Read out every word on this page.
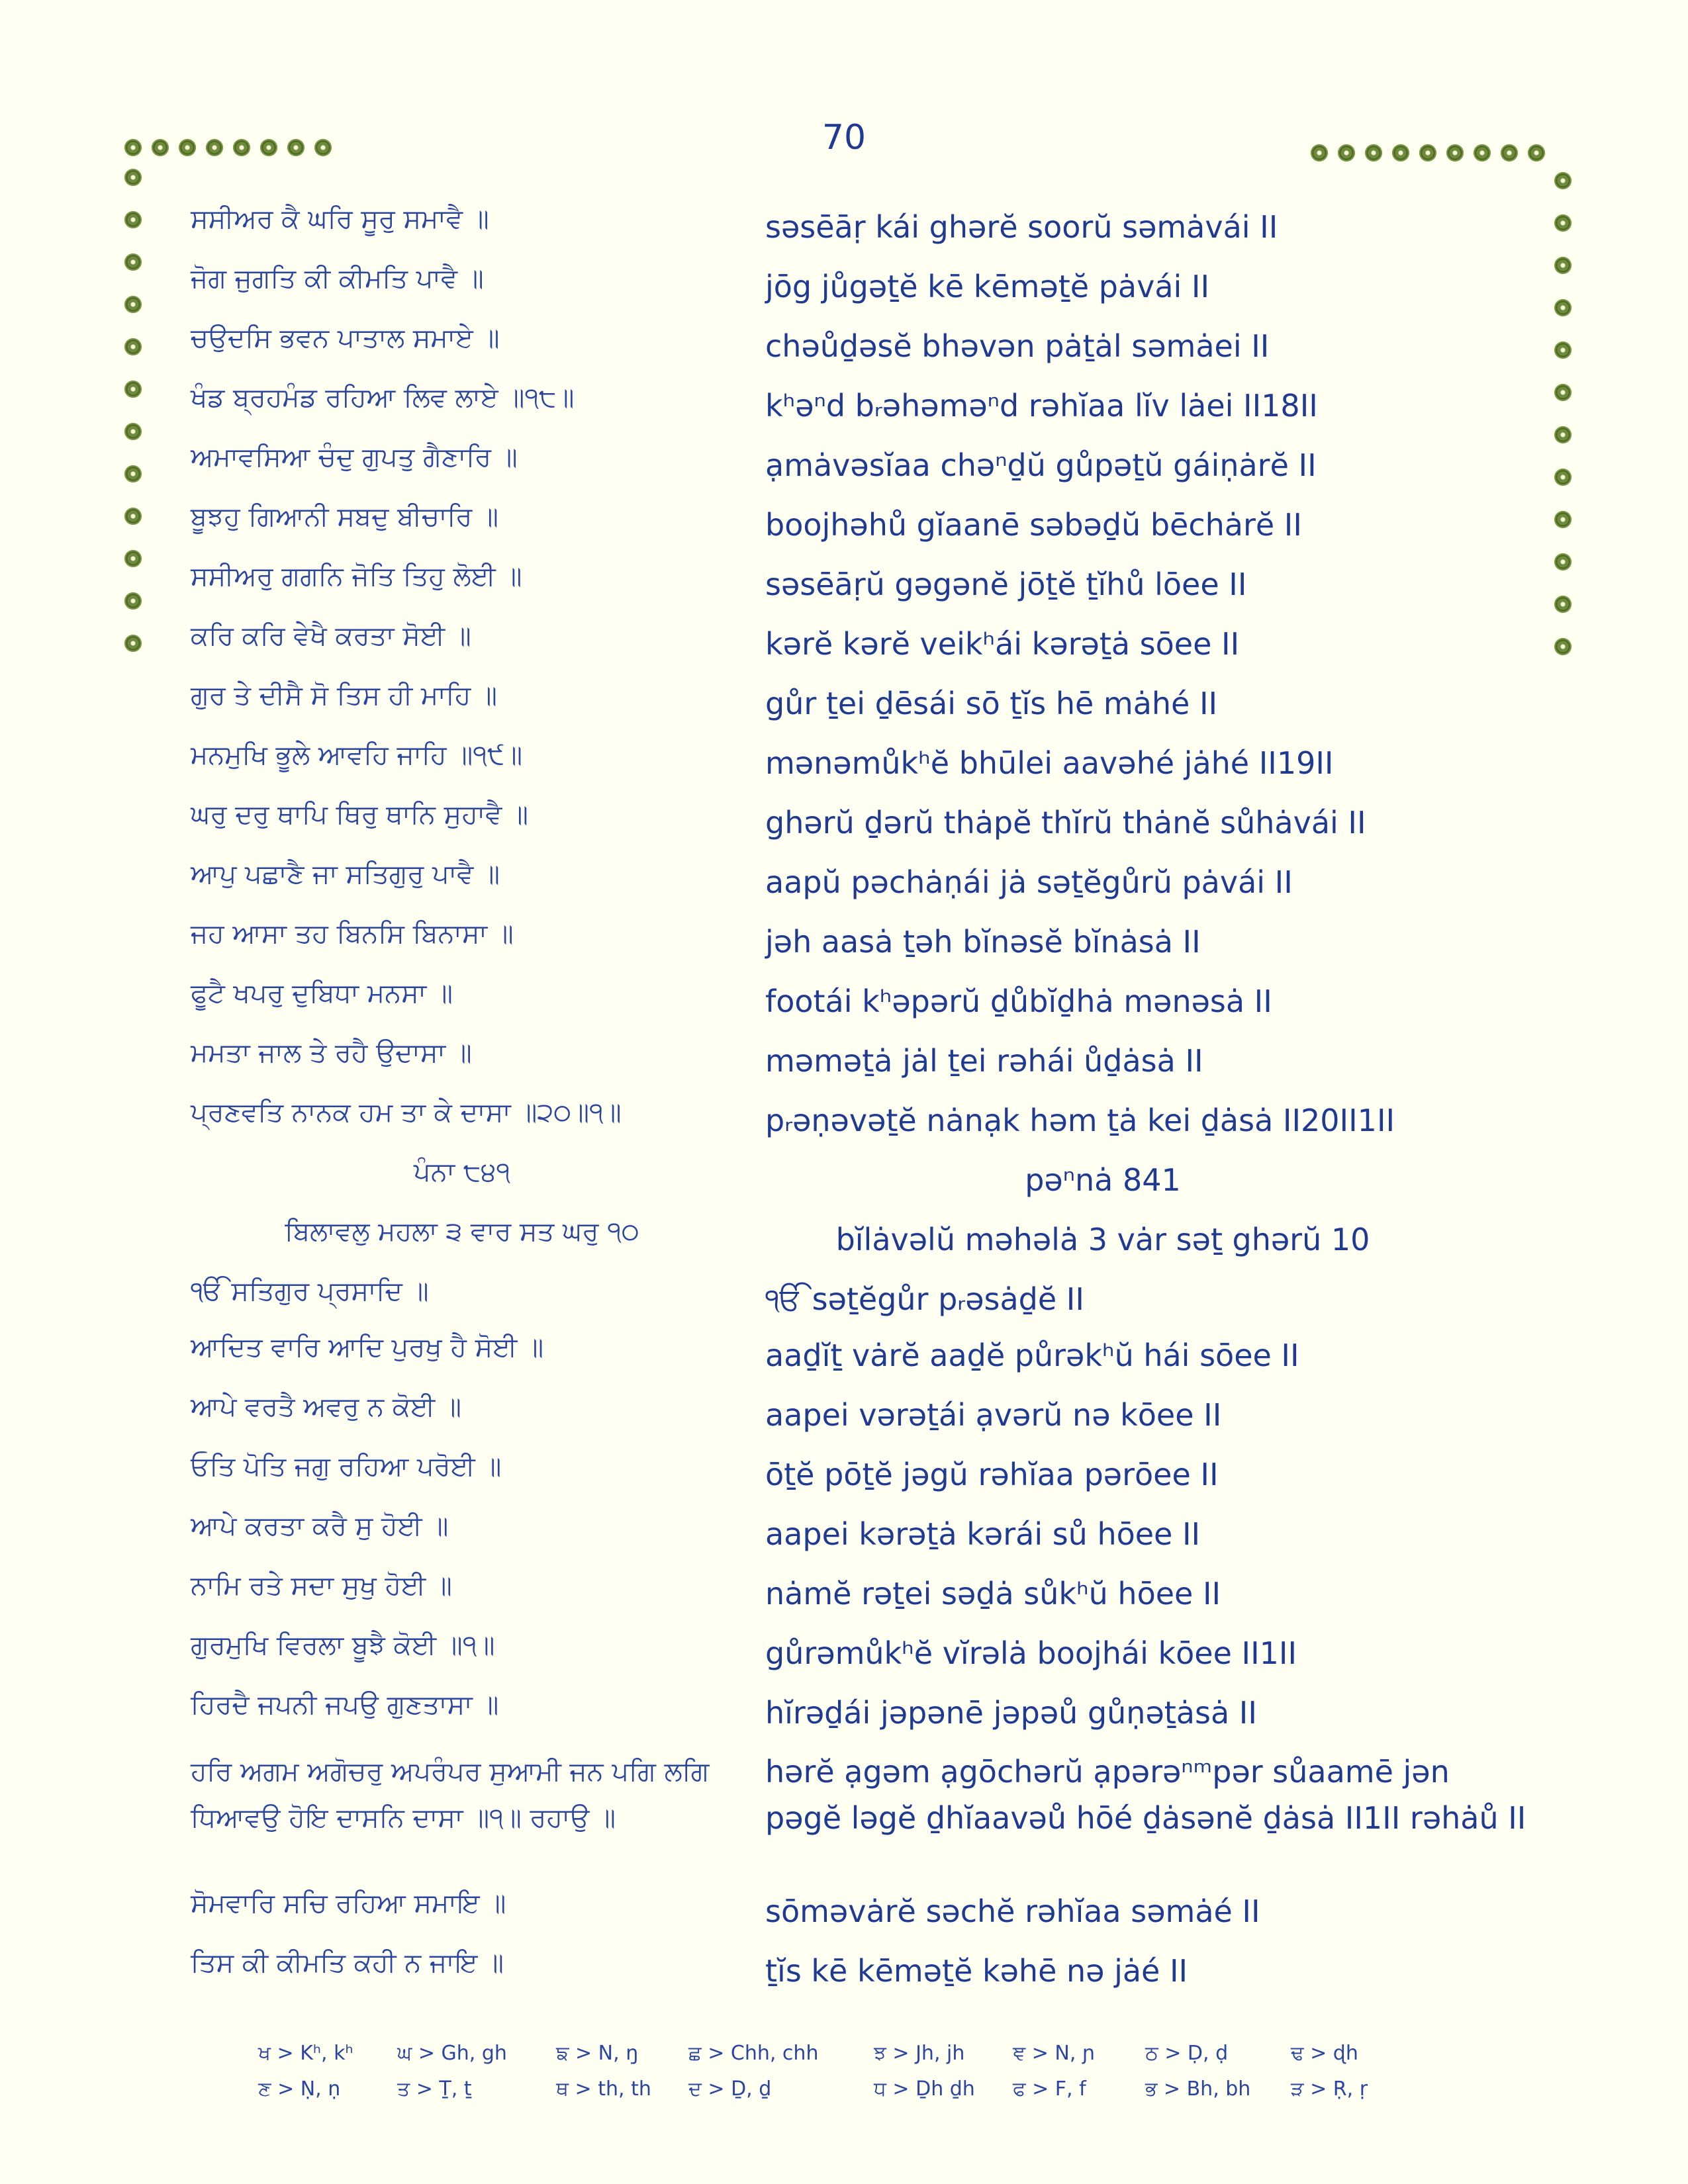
70
ਸਸੀਅਰ ਕੈ ਘਰਿ ਸੂਰੁ ਸਮਾਵੈ ॥	səsēāṛ kái ghərĕ soorŭ səmȧvái II
ਜੋਗ ਜੁਗਤਿ ਕੀ ਕੀਮਤਿ ਪਾਵੈ ॥	jōg jůgəṯĕ kē kēməṯĕ pȧvái II
ਚਉਦਸਿ ਭਵਨ ਪਾਤਾਲ ਸਮਾਏ ॥	chəůḏəsĕ bhəvən pȧṯȧl səmȧei II
ਖੰਡ ਬ੍ਰਹਮੰਡ ਰਹਿਆ ਲਿਵ ਲਾਏ ॥੧੮॥	kʰəⁿd bᵣəhəməⁿd rəhĭaa lĭv lȧei II18II
ਅਮਾਵਸਿਆ ਚੰਦੁ ਗੁਪਤੁ ਗੈਣਾਰਿ ॥	ạmȧvəsĭaa chəⁿḏŭ gůpəṯŭ gáiṇȧrĕ II
ਬੂਝਹੁ ਗਿਆਨੀ ਸਬਦੁ ਬੀਚਾਰਿ ॥	boojhəhů gĭaanē səbəḏŭ bēchȧrĕ II
ਸਸੀਅਰੁ ਗਗਨਿ ਜੋਤਿ ਤਿਹੁ ਲੋਈ ॥	səsēāṛŭ gəgənĕ jōṯĕ ṯĭhů lōee II
ਕਰਿ ਕਰਿ ਵੇਖੈ ਕਰਤਾ ਸੋਈ ॥	kərĕ kərĕ veikʰái kərəṯȧ sōee II
ਗੁਰ ਤੇ ਦੀਸੈ ਸੋ ਤਿਸ ਹੀ ਮਾਹਿ ॥	gůr ṯei ḏēsái sō ṯĭs hē mȧhé II
ਮਨਮੁਖਿ ਭੂਲੇ ਆਵਹਿ ਜਾਹਿ ॥੧੯॥	mənəmůkʰĕ bhūlei aavəhé jȧhé II19II
ਘਰੁ ਦਰੁ ਥਾਪਿ ਥਿਰੁ ਥਾਨਿ ਸੁਹਾਵੈ ॥	ghərŭ ḏərŭ thȧpĕ thĭrŭ thȧnĕ sůhȧvái II
ਆਪੁ ਪਛਾਣੈ ਜਾ ਸਤਿਗੁਰੁ ਪਾਵੈ ॥	aapŭ pəchȧṇái jȧ səṯĕgůrŭ pȧvái II
ਜਹ ਆਸਾ ਤਹ ਬਿਨਸਿ ਬਿਨਾਸਾ ॥	jəh aasȧ ṯəh bĭnəsĕ bĭnȧsȧ II
ਫੂਟੈ ਖਪਰੁ ਦੁਬਿਧਾ ਮਨਸਾ ॥	footái kʰəpərŭ ḏůbĭḏhȧ mənəsȧ II
ਮਮਤਾ ਜਾਲ ਤੇ ਰਹੈ ਉਦਾਸਾ ॥	məməṯȧ jȧl ṯei rəhái ůḏȧsȧ II
ਪ੍ਰਣਵਤਿ ਨਾਨਕ ਹਮ ਤਾ ਕੇ ਦਾਸਾ ॥੨੦॥੧॥	pᵣəṇəvəṯĕ nȧnạk həm ṯȧ kei ḏȧsȧ II20II1II
ਪੰਨਾ ੮੪੧	pəⁿnȧ 841
ਬਿਲਾਵਲੁ ਮਹਲਾ ੩ ਵਾਰ ਸਤ ਘਰੁ ੧੦	bĭlȧvəlŭ məhəlȧ 3 vȧr səṯ ghərŭ 10
ੴ ਸਤਿਗੁਰ ਪ੍ਰਸਾਦਿ ॥	ੴ səṯĕgůr pᵣəsȧḏĕ II
ਆਦਿਤ ਵਾਰਿ ਆਦਿ ਪੁਰਖੁ ਹੈ ਸੋਈ ॥	aaḏĭṯ vȧrĕ aaḏĕ půrəkʰŭ hái sōee II
ਆਪੇ ਵਰਤੈ ਅਵਰੁ ਨ ਕੋਈ ॥	aapei vərəṯái ạvərŭ nə kōee II
ਓਤਿ ਪੋਤਿ ਜਗੁ ਰਹਿਆ ਪਰੋਈ ॥	ōṯĕ pōṯĕ jəgŭ rəhĭaa pərōee II
ਆਪੇ ਕਰਤਾ ਕਰੈ ਸੁ ਹੋਈ ॥	aapei kərəṯȧ kərái sů hōee II
ਨਾਮਿ ਰਤੇ ਸਦਾ ਸੁਖੁ ਹੋਈ ॥	nȧmĕ rəṯei səḏȧ sůkʰŭ hōee II
ਗੁਰਮੁਖਿ ਵਿਰਲਾ ਬੂਝੈ ਕੋਈ ॥੧॥	gůrəmůkʰĕ vĭrəlȧ boojhái kōee II1II
ਹਿਰਦੈ ਜਪਨੀ ਜਪਉ ਗੁਣਤਾਸਾ ॥	hĭrəḏái jəpənē jəpəů gůṇəṯȧsȧ II
ਹਰਿ ਅਗਮ ਅਗੋਚਰੁ ਅਪਰੰਪਰ ਸੁਆਮੀ ਜਨ ਪਗਿ ਲਗਿ ਧਿਆਵਉ ਹੋਇ ਦਾਸਨਿ ਦਾਸਾ ॥੧॥ ਰਹਾਉ ॥
hərĕ ạgəm ạgōchərŭ ạpərəⁿᵐpər sůaamē jən pəgĕ ləgĕ ḏhĭaavəů hōé ḏȧsənĕ ḏȧsȧ II1II rəhȧů II
ਸੋਮਵਾਰਿ ਸਚਿ ਰਹਿਆ ਸਮਾਇ ॥	sōməvȧrĕ səchĕ rəhĭaa səmȧé II
ਤਿਸ ਕੀ ਕੀਮਤਿ ਕਹੀ ਨ ਜਾਇ ॥	ṯĭs kē kēməṯĕ kəhē nə jȧé II
ਖ > Kʰ, kʰ ਘ > Gh, gh ਙ > N, ŋ	ਛ > Chh, chh	ਝ > Jh, jh ਞ > N, ɲ	ਠ > Ḍ, ḍ	ਢ > ɖh
ਣ > Ṇ, ṇ	ਤ > Ṯ, ṯ	ਥ > th, th ਦ > Ḏ, ḏ	ਧ > Ḏh ḏh ਫ > F, f	ਭ > Bh, bh ੜ > Ṛ, ṛ
